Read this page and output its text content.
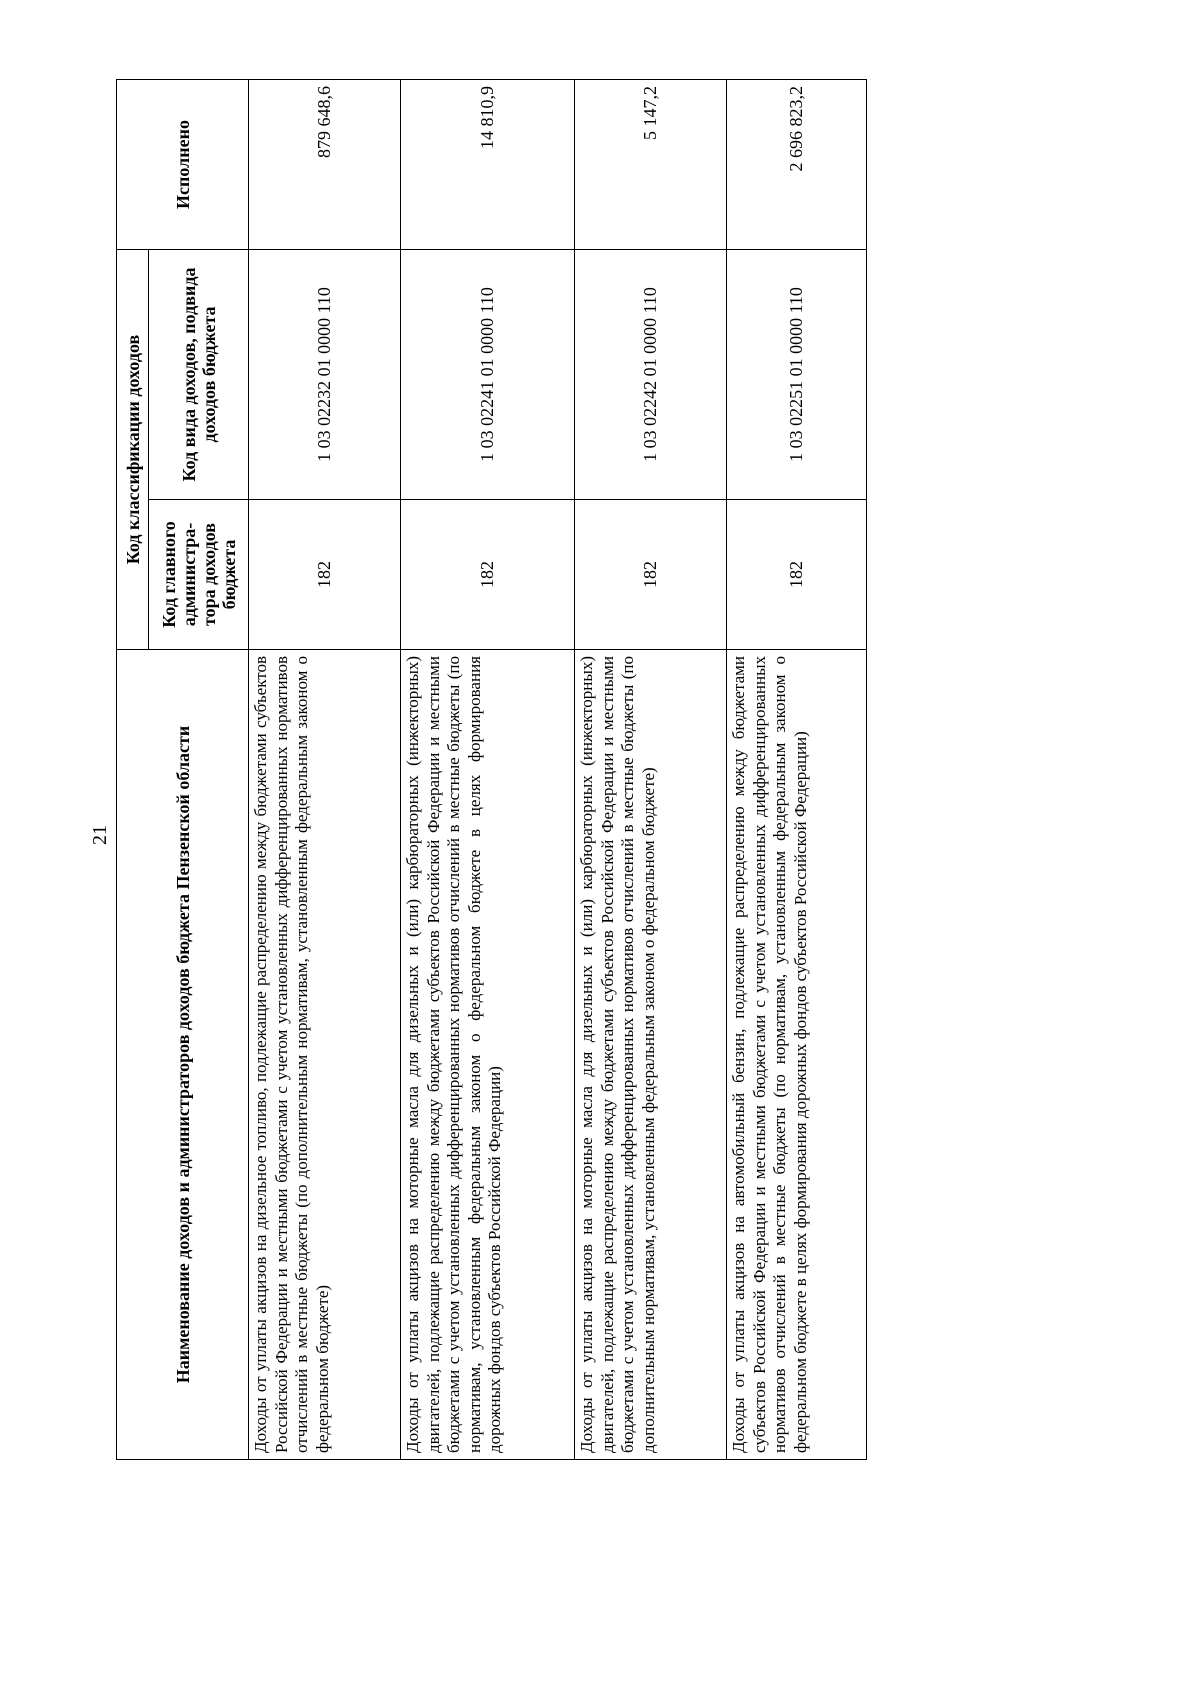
21	Наименование доходов и администраторов доходов бюджета Пензенской области	Код классификации доходов		Исполнено
	Код главного администра-тора доходов бюджета	Код вида доходов, подвида доходов бюджета	
Доходы от уплаты акцизов на дизельное топливо, подлежащие распределению между бюджетами субъектов Российской Федерации и местными бюджетами с учетом установленных дифференцированных нормативов отчислений в местные бюджеты (по дополнительным нормативам, установленным федеральным законом о федеральном бюджете)	182	1 03 02232 01 0000 110	879 648,6
Доходы от уплаты акцизов на моторные масла для дизельных и (или) карбюраторных (инжекторных) двигателей, подлежащие распределению между бюджетами субъектов Российской Федерации и местными бюджетами с учетом установленных дифференцированных нормативов отчислений в местные бюджеты (по нормативам, установленным федеральным законом о федеральном бюджете в целях формирования дорожных фондов субъектов Российской Федерации)	182	1 03 02241 01 0000 110	14 810,9
Доходы от уплаты акцизов на моторные масла для дизельных и (или) карбюраторных (инжекторных) двигателей, подлежащие распределению между бюджетами субъектов Российской Федерации и местными бюджетами с учетом установленных дифференцированных нормативов отчислений в местные бюджеты (по дополнительным нормативам, установленным федеральным законом о федеральном бюджете)	182	1 03 02242 01 0000 110	5 147,2
Доходы от уплаты акцизов на автомобильный бензин, подлежащие распределению между бюджетами субъектов Российской Федерации и местными бюджетами с учетом установленных дифференцированных нормативов отчислений в местные бюджеты (по нормативам, установленным федеральным законом о федеральном бюджете в целях формирования дорожных фондов субъектов Российской Федерации)	182	1 03 02251 01 0000 110	2 696 823,2
